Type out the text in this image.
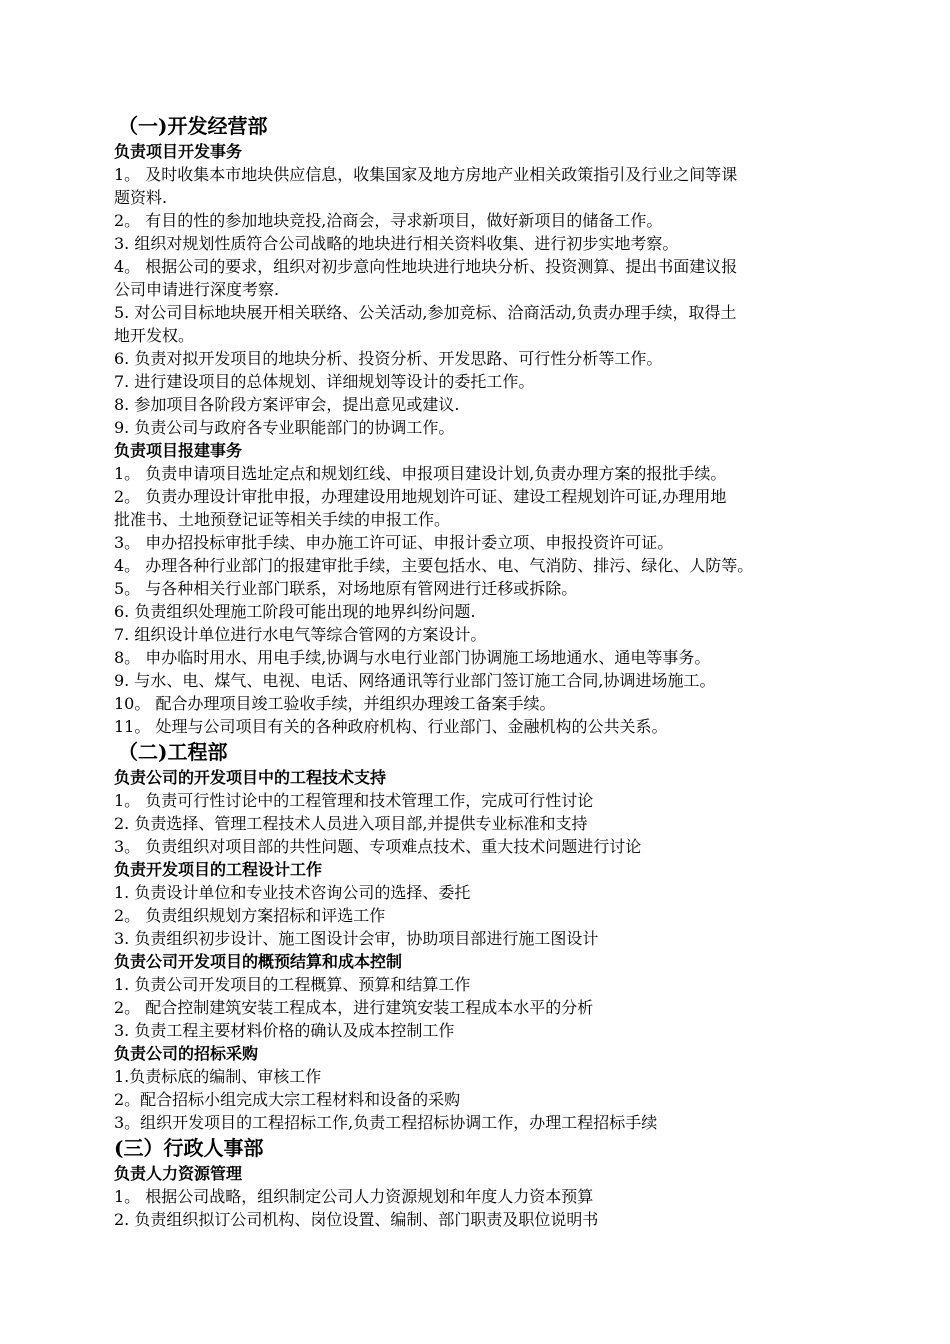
（一)开发经营部
负责项目开发事务
1。 及时收集本市地块供应信息，收集国家及地方房地产业相关政策指引及行业之间等课
题资料.
2。 有目的性的参加地块竞投,洽商会，寻求新项目，做好新项目的储备工作。
3. 组织对规划性质符合公司战略的地块进行相关资料收集、进行初步实地考察。
4。 根据公司的要求，组织对初步意向性地块进行地块分析、投资测算、提出书面建议报
公司申请进行深度考察.
5. 对公司目标地块展开相关联络、公关活动,参加竞标、洽商活动,负责办理手续，取得土
地开发权。
6. 负责对拟开发项目的地块分析、投资分析、开发思路、可行性分析等工作。
7. 进行建设项目的总体规划、详细规划等设计的委托工作。
8. 参加项目各阶段方案评审会，提出意见或建议.
9. 负责公司与政府各专业职能部门的协调工作。
负责项目报建事务
1。 负责申请项目选址定点和规划红线、申报项目建设计划,负责办理方案的报批手续。
2。 负责办理设计审批申报，办理建设用地规划许可证、建设工程规划许可证,办理用地
批准书、土地预登记证等相关手续的申报工作。
3。 申办招投标审批手续、申办施工许可证、申报计委立项、申报投资许可证。
4。 办理各种行业部门的报建审批手续，主要包括水、电、气消防、排污、绿化、人防等。
5。 与各种相关行业部门联系，对场地原有管网进行迁移或拆除。
6. 负责组织处理施工阶段可能出现的地界纠纷问题.
7. 组织设计单位进行水电气等综合管网的方案设计。
8。 申办临时用水、用电手续,协调与水电行业部门协调施工场地通水、通电等事务。
9. 与水、电、煤气、电视、电话、网络通讯等行业部门签订施工合同,协调进场施工。
10。 配合办理项目竣工验收手续，并组织办理竣工备案手续。
11。 处理与公司项目有关的各种政府机构、行业部门、金融机构的公共关系。
（二)工程部
负责公司的开发项目中的工程技术支持
1。 负责可行性讨论中的工程管理和技术管理工作，完成可行性讨论
2. 负责选择、管理工程技术人员进入项目部,并提供专业标准和支持
3。 负责组织对项目部的共性问题、专项难点技术、重大技术问题进行讨论
负责开发项目的工程设计工作
1. 负责设计单位和专业技术咨询公司的选择、委托
2。 负责组织规划方案招标和评选工作
3. 负责组织初步设计、施工图设计会审，协助项目部进行施工图设计
负责公司开发项目的概预结算和成本控制
1. 负责公司开发项目的工程概算、预算和结算工作
2。 配合控制建筑安装工程成本，进行建筑安装工程成本水平的分析
3. 负责工程主要材料价格的确认及成本控制工作
负责公司的招标采购
1.负责标底的编制、审核工作
2。配合招标小组完成大宗工程材料和设备的采购
3。组织开发项目的工程招标工作,负责工程招标协调工作，办理工程招标手续
(三）行政人事部
负责人力资源管理
1。 根据公司战略，组织制定公司人力资源规划和年度人力资本预算
2. 负责组织拟订公司机构、岗位设置、编制、部门职责及职位说明书
